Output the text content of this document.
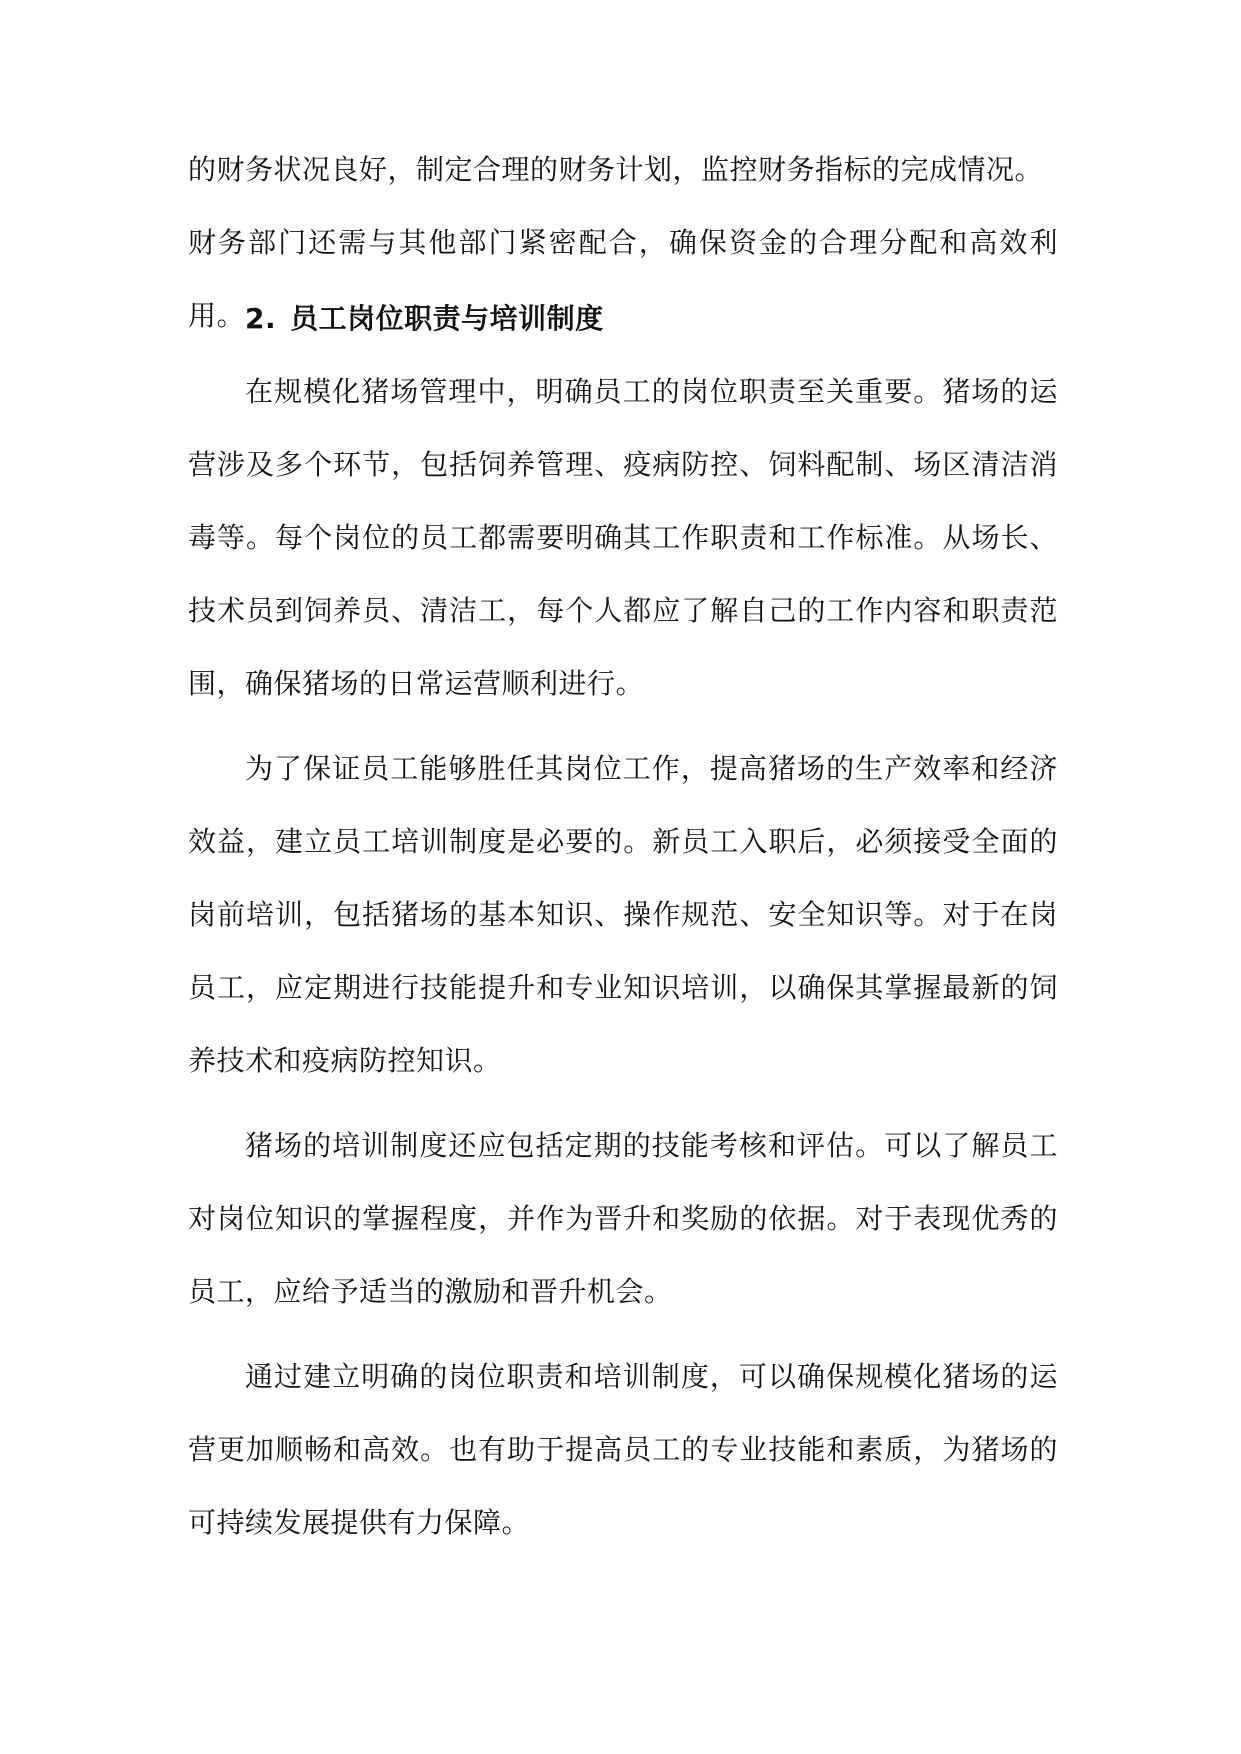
的财务状况良好，制定合理的财务计划，监控财务指标的完成情况。

财务部门还需与其他部门紧密配合，确保资金的合理分配和高效利用。 2. 员工岗位职责与培训制度

在规模化猪场管理中，明确员工的岗位职责至关重要。猪场的运营涉及多个环节，包括饲养管理、疫病防控、饲料配制、场区清洁消毒等。每个岗位的员工都需要明确其工作职责和工作标准。从场长、技术员到饲养员、清洁工，每个人都应了解自己的工作内容和职责范围，确保猪场的日常运营顺利进行。

为了保证员工能够胜任其岗位工作，提高猪场的生产效率和经济效益，建立员工培训制度是必要的。新员工入职后，必须接受全面的岗前培训，包括猪场的基本知识、操作规范、安全知识等。对于在岗员工，应定期进行技能提升和专业知识培训，以确保其掌握最新的饲养技术和疫病防控知识。

猪场的培训制度还应包括定期的技能考核和评估。可以了解员工对岗位知识的掌握程度，并作为晋升和奖励的依据。对于表现优秀的员工，应给予适当的激励和晋升机会。

通过建立明确的岗位职责和培训制度，可以确保规模化猪场的运营更加顺畅和高效。也有助于提高员工的专业技能和素质，为猪场的可持续发展提供有力保障。
